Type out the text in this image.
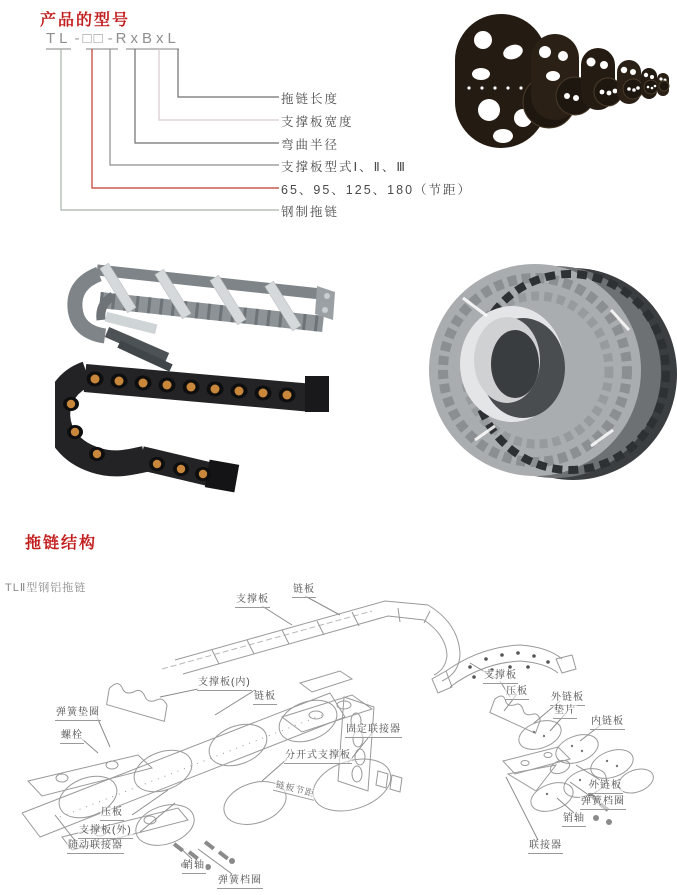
产品的型号
TL - □□ - RxBxL
拖链长度
支撑板宽度
弯曲半径
支撑板型式Ⅰ、Ⅱ、Ⅲ
65、95、125、180（节距）
钢制拖链
拖链结构
TLⅡ型钢铝拖链
支撑板
链板
支撑板(内)
链板
弹簧垫圈
螺栓
固定联接器
分开式支撑板
链板节距
压板
支撑板(外)
随动联接器
销轴
弹簧档圈
支撑板
压板
外链板
垫片
内链板
外链板
弹簧档圈
销轴
联接器
